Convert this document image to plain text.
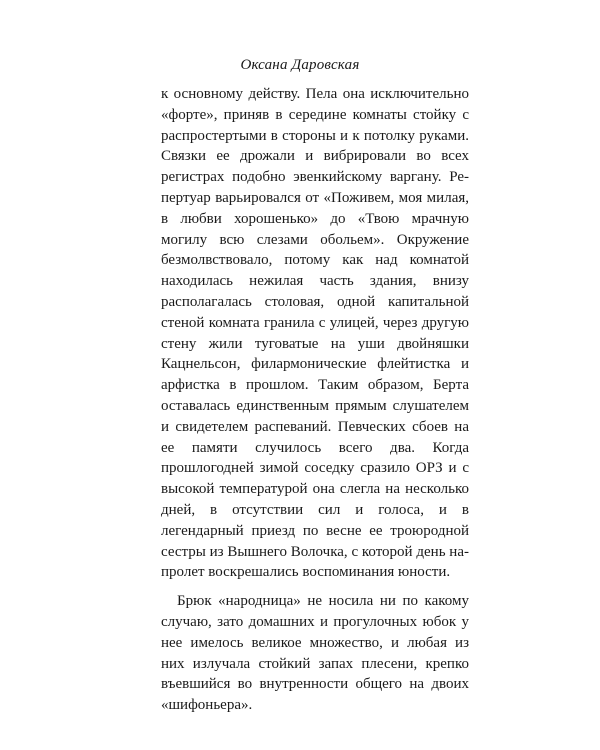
Оксана Даровская

к основному действу. Пела она исключительно «форте», приняв в середине комнаты стойку с распростертыми в стороны и к потолку руками. Связки ее дрожали и вибрировали во всех регистрах подобно эвенкийскому варгану. Репертуар варьировался от «Поживем, моя милая, в любви хорошенько» до «Твою мрачную могилу всю слезами обольем». Окружение безмолвствовало, потому как над комнатой находилась нежилая часть здания, внизу располагалась столовая, одной капитальной стеной комната гранила с улицей, через другую стену жили туговатые на уши двойняшки Кацнельсон, филармонические флейтистка и арфистка в прошлом. Таким образом, Берта оставалась единственным прямым слушателем и свидетелем распеваний. Певческих сбоев на ее памяти случилось всего два. Когда прошлогодней зимой соседку сразило ОРЗ и с высокой температурой она слегла на несколько дней, в отсутствии сил и голоса, и в легендарный приезд по весне ее троюродной сестры из Вышнего Волочка, с которой день напролет воскрешались воспоминания юности.

Брюк «народница» не носила ни по какому случаю, зато домашних и прогулочных юбок у нее имелось великое множество, и любая из них излучала стойкий запах плесени, крепко въевшийся во внутренности общего на двоих «шифоньера».
